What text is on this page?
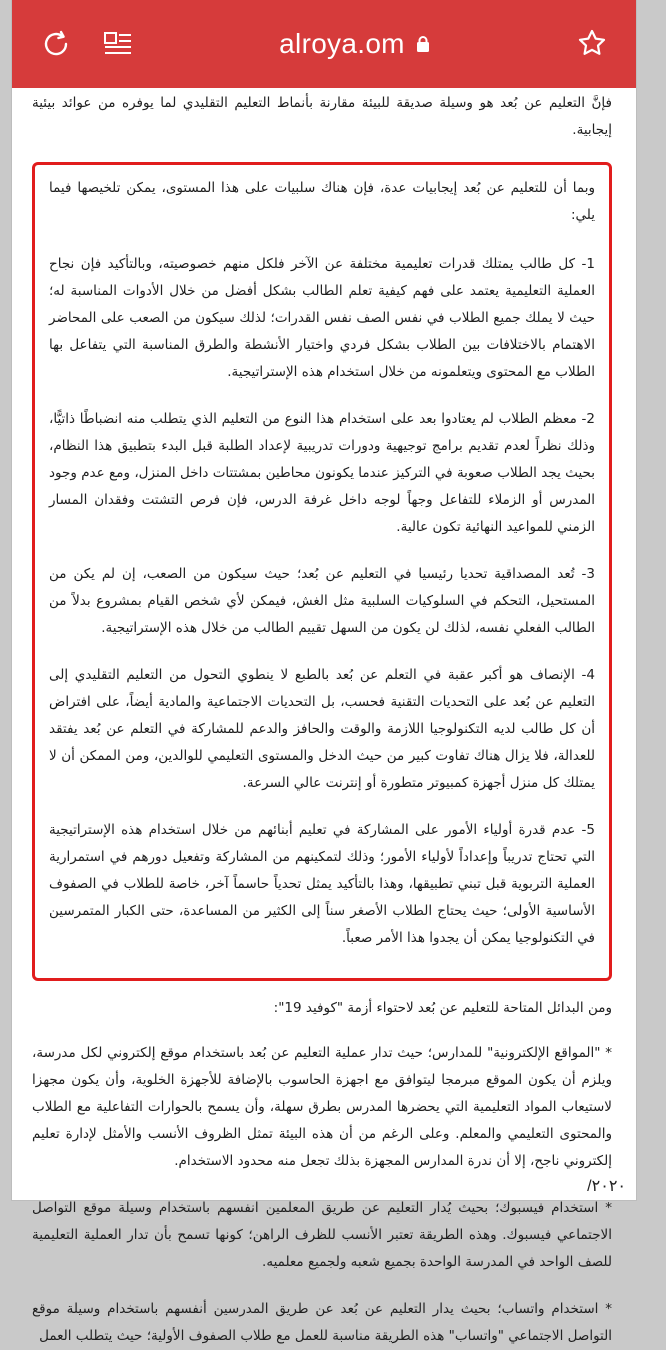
alroya.om

فإنَّ التعليم عن بُعد هو وسيلة صديقة للبيئة مقارنة بأنماط التعليم التقليدي لما يوفره من عوائد بيئية إيجابية.

وبما أن للتعليم عن بُعد إيجابيات عدة، فإن هناك سلبيات على هذا المستوى، يمكن تلخيصها فيما يلي:

1- كل طالب يمتلك قدرات تعليمية مختلفة عن الآخر فلكل منهم خصوصيته، وبالتأكيد فإن نجاح العملية التعليمية يعتمد على فهم كيفية تعلم الطالب بشكل أفضل من خلال الأدوات المناسبة له؛ حيث لا يملك جميع الطلاب في نفس الصف نفس القدرات؛ لذلك سيكون من الصعب على المحاضر الاهتمام بالاختلافات بين الطلاب بشكل فردي واختيار الأنشطة والطرق المناسبة التي يتفاعل بها الطلاب مع المحتوى ويتعلمونه من خلال استخدام هذه الإستراتيجية.

2- معظم الطلاب لم يعتادوا بعد على استخدام هذا النوع من التعليم الذي يتطلب منه انضباطًا ذاتيًّا، وذلك نظراً لعدم تقديم برامج توجيهية ودورات تدريبية لإعداد الطلبة قبل البدء بتطبيق هذا النظام، بحيث يجد الطلاب صعوبة في التركيز عندما يكونون محاطين بمشتتات داخل المنزل، ومع عدم وجود المدرس أو الزملاء للتفاعل وجهاً لوجه داخل غرفة الدرس، فإن فرص التشتت وفقدان المسار الزمني للمواعيد النهائية تكون عالية.

3- تُعد المصداقية تحديا رئيسيا في التعليم عن بُعد؛ حيث سيكون من الصعب، إن لم يكن من المستحيل، التحكم في السلوكيات السلبية مثل الغش، فيمكن لأي شخص القيام بمشروع بدلاً من الطالب الفعلي نفسه، لذلك لن يكون من السهل تقييم الطالب من خلال هذه الإستراتيجية.

4- الإنصاف هو أكبر عقبة في التعلم عن بُعد بالطبع لا ينطوي التحول من التعليم التقليدي إلى التعليم عن بُعد على التحديات التقنية فحسب، بل التحديات الاجتماعية والمادية أيضاً، على افتراض أن كل طالب لديه التكنولوجيا اللازمة والوقت والحافز والدعم للمشاركة في التعلم عن بُعد يفتقد للعدالة، فلا يزال هناك تفاوت كبير من حيث الدخل والمستوى التعليمي للوالدين، ومن الممكن أن لا يمتلك كل منزل أجهزة كمبيوتر متطورة أو إنترنت عالي السرعة.

5- عدم قدرة أولياء الأمور على المشاركة في تعليم أبنائهم من خلال استخدام هذه الإستراتيجية التي تحتاج تدريباً وإعداداً لأولياء الأمور؛ وذلك لتمكينهم من المشاركة وتفعيل دورهم في استمرارية العملية التربوية قبل تبني تطبيقها، وهذا بالتأكيد يمثل تحدياً حاسماً آخر، خاصة للطلاب في الصفوف الأساسية الأولى؛ حيث يحتاج الطلاب الأصغر سناً إلى الكثير من المساعدة، حتى الكبار المتمرسين في التكنولوجيا يمكن أن يجدوا هذا الأمر صعباً.

ومن البدائل المتاحة للتعليم عن بُعد لاحتواء أزمة "كوفيد 19":

* "المواقع الإلكترونية" للمدارس؛ حيث تدار عملية التعليم عن بُعد باستخدام موقع إلكتروني لكل مدرسة، ويلزم أن يكون الموقع مبرمجا ليتوافق مع اجهزة الحاسوب بالإضافة للأجهزة الخلوية، وأن يكون مجهزا لاستيعاب المواد التعليمية التي يحضرها المدرس بطرق سهلة، وأن يسمح بالحوارات التفاعلية مع الطلاب والمحتوى التعليمي والمعلم. وعلى الرغم من أن هذه البيئة تمثل الظروف الأنسب والأمثل لإدارة تعليم إلكتروني ناجح، إلا أن ندرة المدارس المجهزة بذلك تجعل منه محدود الاستخدام.

* استخدام فيسبوك؛ بحيث يُدار التعليم عن طريق المعلمين انفسهم باستخدام وسيلة موقع التواصل الاجتماعي فيسبوك. وهذه الطريقة تعتبر الأنسب للظرف الراهن؛ كونها تسمح بأن تدار العملية التعليمية للصف الواحد في المدرسة الواحدة بجميع شعبه ولجميع معلميه.

* استخدام واتساب؛ بحيث يدار التعليم عن بُعد عن طريق المدرسين أنفسهم باستخدام وسيلة موقع التواصل الاجتماعي "واتساب" هذه الطريقة مناسبة للعمل مع طلاب الصفوف الأولية؛ حيث يتطلب العمل

٢٠٢٠/
